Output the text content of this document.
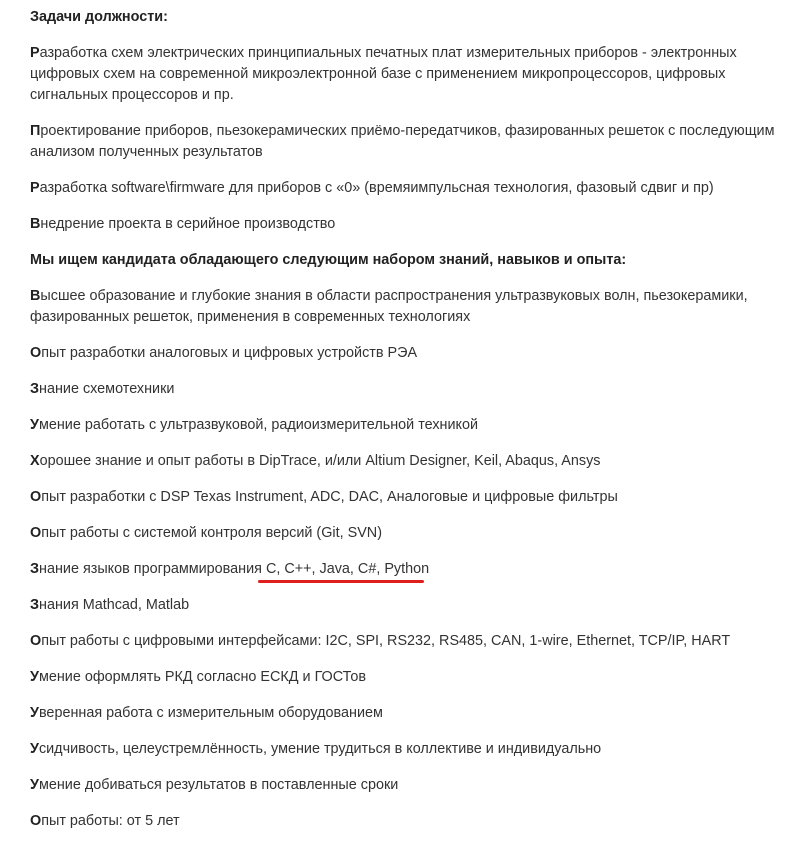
Задачи должности:

Разработка схем электрических принципиальных печатных плат измерительных приборов - электронных цифровых схем на современной микроэлектронной базе с применением микропроцессоров, цифровых сигнальных процессоров и пр.

Проектирование приборов, пьезокерамических приёмо-передатчиков, фазированных решеток с последующим анализом полученных результатов

Разработка software\firmware для приборов с «0» (времяимпульсная технология, фазовый сдвиг и пр)

Внедрение проекта в серийное производство

Мы ищем кандидата обладающего следующим набором знаний, навыков и опыта:

Высшее образование и глубокие знания в области распространения ультразвуковых волн, пьезокерамики, фазированных решеток, применения в современных технологиях

Опыт разработки аналоговых и цифровых устройств РЭА

Знание схемотехники

Умение работать с ультразвуковой, радиоизмерительной техникой

Хорошее знание и опыт работы в DipTrace, и/или Altium Designer, Keil, Abaqus, Ansys

Опыт разработки с DSP Texas Instrument, ADC, DAC, Аналоговые и цифровые фильтры

Опыт работы с системой контроля версий (Git, SVN)

Знание языков программирования C, C++, Java, C#, Python

Знания Mathcad, Matlab

Опыт работы с цифровыми интерфейсами: I2C, SPI, RS232, RS485, CAN, 1-wire, Ethernet, TCP/IP, HART

Умение оформлять РКД согласно ЕСКД и ГОСТов

Уверенная работа с измерительным оборудованием

Усидчивость, целеустремлённость, умение трудиться в коллективе и индивидуально

Умение добиваться результатов в поставленные сроки

Опыт работы: от 5 лет
